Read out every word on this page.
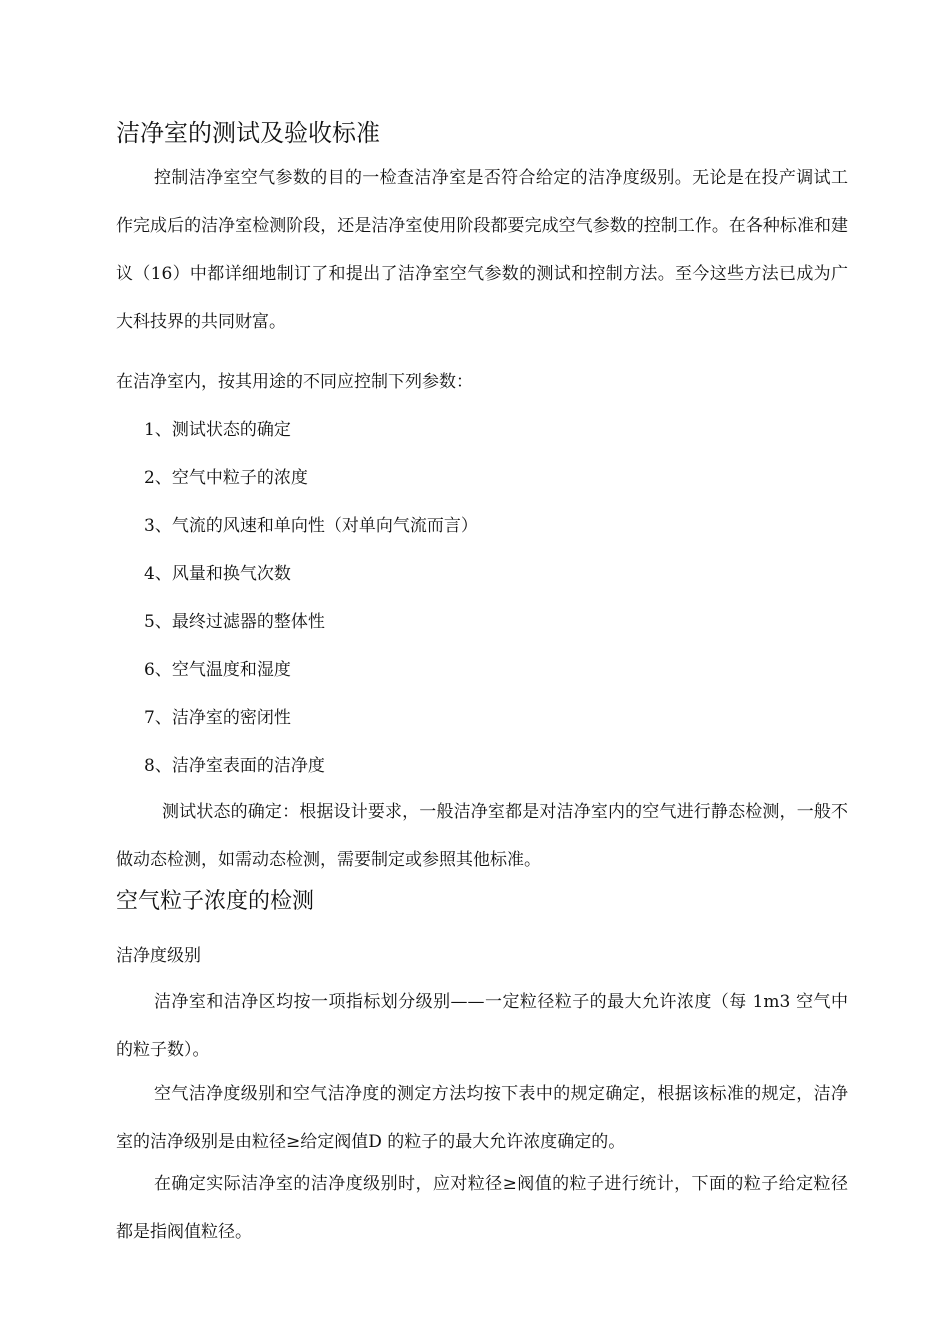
洁净室的测试及验收标准

控制洁净室空气参数的目的一检查洁净室是否符合给定的洁净度级别。无论是在投产调试工作完成后的洁净室检测阶段，还是洁净室使用阶段都要完成空气参数的控制工作。在各种标准和建议（16）中都详细地制订了和提出了洁净室空气参数的测试和控制方法。至今这些方法已成为广大科技界的共同财富。

在洁净室内，按其用途的不同应控制下列参数：
1、测试状态的确定
2、空气中粒子的浓度
3、气流的风速和单向性（对单向气流而言）
4、风量和换气次数
5、最终过滤器的整体性
6、空气温度和湿度
7、洁净室的密闭性
8、洁净室表面的洁净度

测试状态的确定：根据设计要求，一般洁净室都是对洁净室内的空气进行静态检测，一般不做动态检测，如需动态检测，需要制定或参照其他标准。

空气粒子浓度的检测
洁净度级别

洁净室和洁净区均按一项指标划分级别——一定粒径粒子的最大允许浓度（每 1m3 空气中的粒子数）。

空气洁净度级别和空气洁净度的测定方法均按下表中的规定确定，根据该标准的规定，洁净室的洁净级别是由粒径≥给定阀值D 的粒子的最大允许浓度确定的。

在确定实际洁净室的洁净度级别时，应对粒径≥阀值的粒子进行统计，下面的粒子给定粒径都是指阀值粒径。
